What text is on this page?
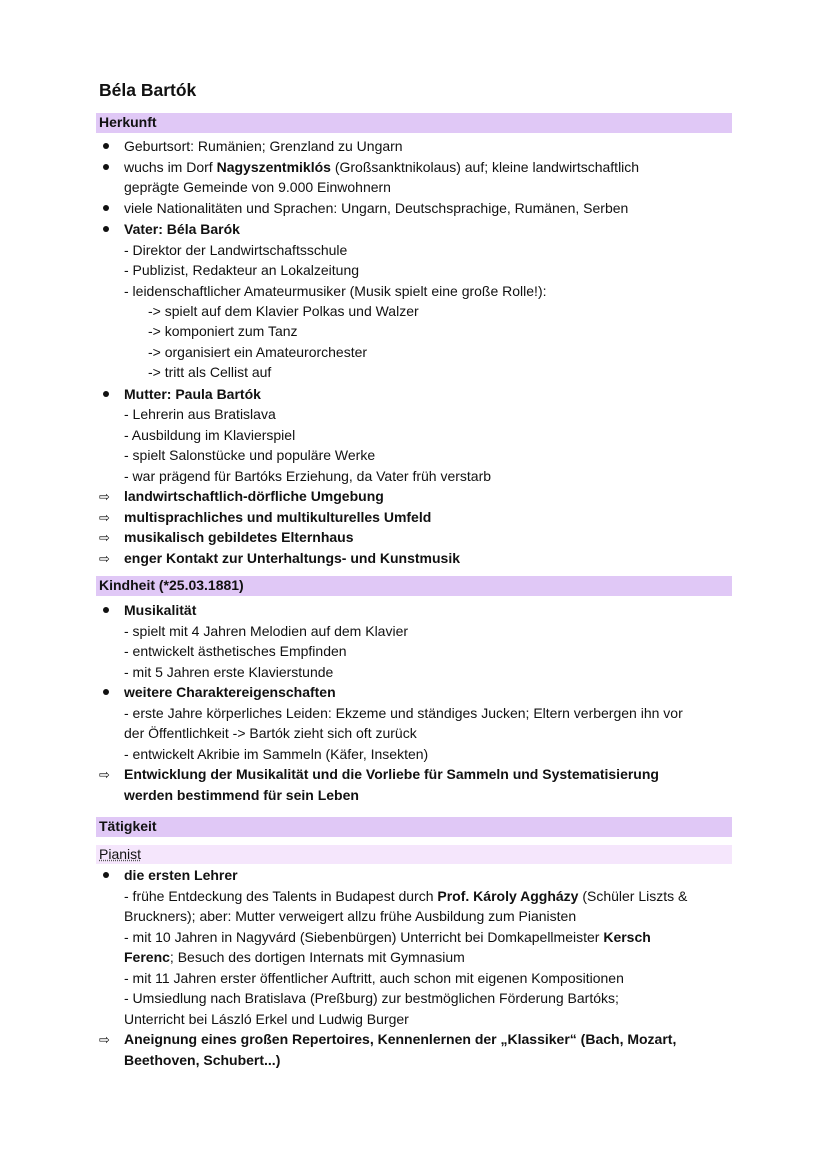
Béla Bartók
Herkunft
Geburtsort: Rumänien; Grenzland zu Ungarn
wuchs im Dorf Nagyszentmiklós (Großsanktnikolaus) auf; kleine landwirtschaftlich
geprägte Gemeinde von 9.000 Einwohnern
viele Nationalitäten und Sprachen: Ungarn, Deutschsprachige, Rumänen, Serben
Vater: Béla Barók
- Direktor der Landwirtschaftsschule
- Publizist, Redakteur an Lokalzeitung
- leidenschaftlicher Amateurmusiker (Musik spielt eine große Rolle!):
-> spielt auf dem Klavier Polkas und Walzer
-> komponiert zum Tanz
-> organisiert ein Amateurorchester
-> tritt als Cellist auf
Mutter: Paula Bartók
- Lehrerin aus Bratislava
- Ausbildung im Klavierspiel
- spielt Salonstücke und populäre Werke
- war prägend für Bartóks Erziehung, da Vater früh verstarb
⇨ landwirtschaftlich-dörfliche Umgebung
⇨ multisprachliches und multikulturelles Umfeld
⇨ musikalisch gebildetes Elternhaus
⇨ enger Kontakt zur Unterhaltungs- und Kunstmusik
Kindheit (*25.03.1881)
Musikalität
- spielt mit 4 Jahren Melodien auf dem Klavier
- entwickelt ästhetisches Empfinden
- mit 5 Jahren erste Klavierstunde
weitere Charaktereigenschaften
- erste Jahre körperliches Leiden: Ekzeme und ständiges Jucken; Eltern verbergen ihn vor
der Öffentlichkeit -> Bartók zieht sich oft zurück
- entwickelt Akribie im Sammeln (Käfer, Insekten)
⇨ Entwicklung der Musikalität und die Vorliebe für Sammeln und Systematisierung
werden bestimmend für sein Leben
Tätigkeit
Pianist
die ersten Lehrer
- frühe Entdeckung des Talents in Budapest durch Prof. Károly Aggházy (Schüler Liszts &
Bruckners); aber: Mutter verweigert allzu frühe Ausbildung zum Pianisten
- mit 10 Jahren in Nagyvárd (Siebenbürgen) Unterricht bei Domkapellmeister Kersch
Ferenc; Besuch des dortigen Internats mit Gymnasium
- mit 11 Jahren erster öffentlicher Auftritt, auch schon mit eigenen Kompositionen
- Umsiedlung nach Bratislava (Preßburg) zur bestmöglichen Förderung Bartóks;
Unterricht bei László Erkel und Ludwig Burger
⇨ Aneignung eines großen Repertoires, Kennenlernen der „Klassiker“ (Bach, Mozart,
Beethoven, Schubert...)
